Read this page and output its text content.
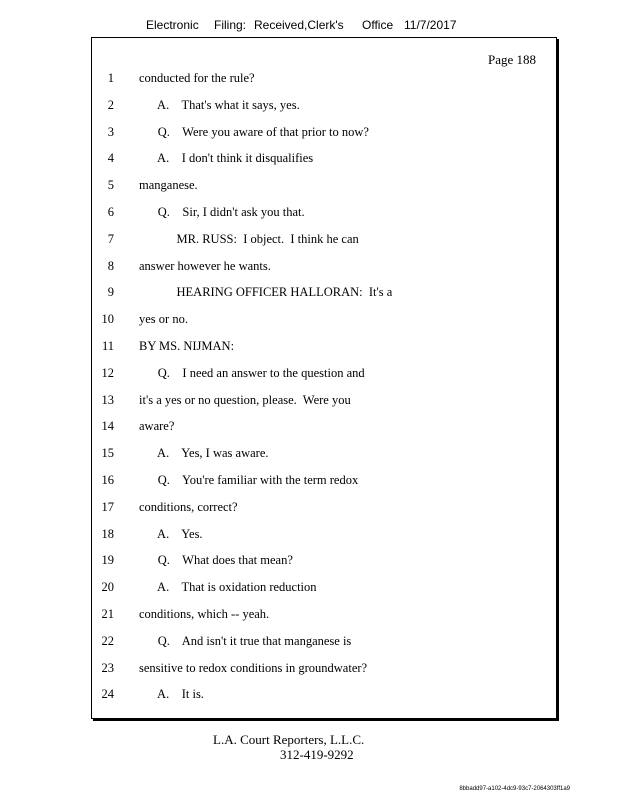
Electronic Filing: Received,Clerk's Office 11/7/2017
Page 188
1 conducted for the rule?
2 A.    That's what it says, yes.
3 Q.    Were you aware of that prior to now?
4 A.    I don't think it disqualifies
5 manganese.
6 Q.    Sir, I didn't ask you that.
7 MR. RUSS:  I object.  I think he can
8 answer however he wants.
9 HEARING OFFICER HALLORAN:  It's a
10 yes or no.
11 BY MS. NIJMAN:
12 Q.    I need an answer to the question and
13 it's a yes or no question, please.  Were you
14 aware?
15 A.    Yes, I was aware.
16 Q.    You're familiar with the term redox
17 conditions, correct?
18 A.    Yes.
19 Q.    What does that mean?
20 A.    That is oxidation reduction
21 conditions, which -- yeah.
22 Q.    And isn't it true that manganese is
23 sensitive to redox conditions in groundwater?
24 A.    It is.
L.A. Court Reporters, L.L.C.
312-419-9292
8bbadd97-a102-4dc9-93c7-2064303ff1a9
